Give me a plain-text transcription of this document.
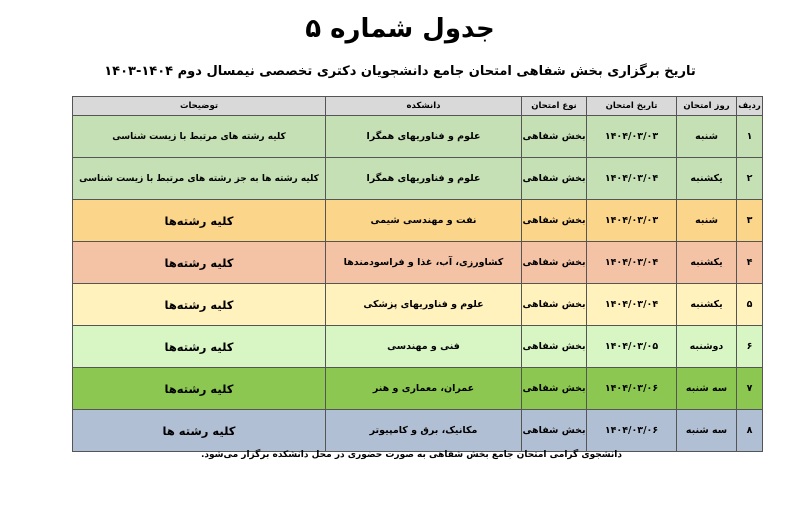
جدول شماره ۵
تاریخ برگزاری بخش شفاهی امتحان جامع دانشجویان دکتری تخصصی نیمسال دوم ۱۴۰۴-۱۴۰۳
ردیف	روز امتحان	تاریخ امتحان	نوع امتحان	دانشکده	توضیحات
۱	شنبه	۱۴۰۴/۰۳/۰۳	بخش شفاهی	علوم و فناوریهای همگرا	کلیه رشته های مرتبط با زیست شناسی
۲	یکشنبه	۱۴۰۴/۰۳/۰۴	بخش شفاهی	علوم و فناوریهای همگرا	کلیه رشته ها به جز رشته های مرتبط با زیست شناسی
۳	شنبه	۱۴۰۴/۰۳/۰۳	بخش شفاهی	نفت و مهندسی شیمی	کلیه رشته‌ها
۴	یکشنبه	۱۴۰۴/۰۳/۰۴	بخش شفاهی	کشاورزی، آب، غذا و فراسودمندها	کلیه رشته‌ها
۵	یکشنبه	۱۴۰۴/۰۳/۰۴	بخش شفاهی	علوم و فناوریهای پزشکی	کلیه رشته‌ها
۶	دوشنبه	۱۴۰۴/۰۳/۰۵	بخش شفاهی	فنی و مهندسی	کلیه رشته‌ها
۷	سه شنبه	۱۴۰۴/۰۳/۰۶	بخش شفاهی	عمران، معماری و هنر	کلیه رشته‌ها
۸	سه شنبه	۱۴۰۴/۰۳/۰۶	بخش شفاهی	مکانیک، برق و کامپیوتر	کلیه رشته ها
دانشجوی گرامی امتحان جامع بخش شفاهی به صورت حضوری در محل دانشکده برگزار می‌شود.
